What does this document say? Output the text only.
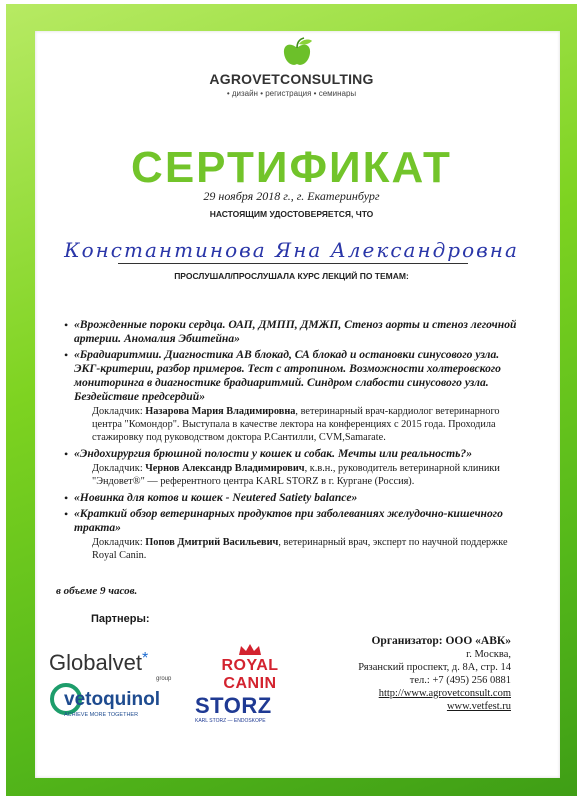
AGROVETCONSULTING
• дизайн • регистрация • семинары
СЕРТИФИКАТ
29 ноября 2018 г., г. Екатеринбург
НАСТОЯЩИМ УДОСТОВЕРЯЕТСЯ, ЧТО
Константинова Яна Александровна
ПРОСЛУШАЛ/ПРОСЛУШАЛА КУРС ЛЕКЦИЙ ПО ТЕМАМ:
• «Врожденные пороки сердца. ОАП, ДМПП, ДМЖП, Стеноз аорты и стеноз легочной артерии. Аномалия Эбштейна»
• «Брадиаритмии. Диагностика АВ блокад, СА блокад и остановки синусового узла. ЭКГ-критерии, разбор примеров. Тест с атропином. Возможности холтеровского мониторинга в диагностике брадиаритмий. Синдром слабости синусового узла. Бездействие предсердий»
Докладчик: Назарова Мария Владимировна, ветеринарный врач-кардиолог ветеринарного центра "Комондор". Выступала в качестве лектора на конференциях с 2015 года. Проходила стажировку под руководством доктора Р.Сантилли, CVM,Samarate.
• «Эндохирургия брюшной полости у кошек и собак. Мечты или реальность?»
Докладчик: Чернов Александр Владимирович, к.в.н., руководитель ветеринарной клиники "Эндовет®" — референтного центра KARL STORZ в г. Кургане (Россия).
• «Новинка для котов и кошек - Neutered Satiety balance»
• «Краткий обзор ветеринарных продуктов при заболеваниях желудочно-кишечного тракта»
Докладчик: Попов Дмитрий Васильевич, ветеринарный врач, эксперт по научной поддержке Royal Canin.
в объеме 9 часов.
Партнеры:
Globalvet*
group
ROYAL CANIN
vetoquinol
ACHIEVE MORE TOGETHER	STORZ
KARL STORZ — ENDOSKOPE
Организатор: ООО «АВК»
г. Москва,
Рязанский проспект, д. 8А, стр. 14
тел.: +7 (495) 256 0881
http://www.agrovetconsult.com
www.vetfest.ru
